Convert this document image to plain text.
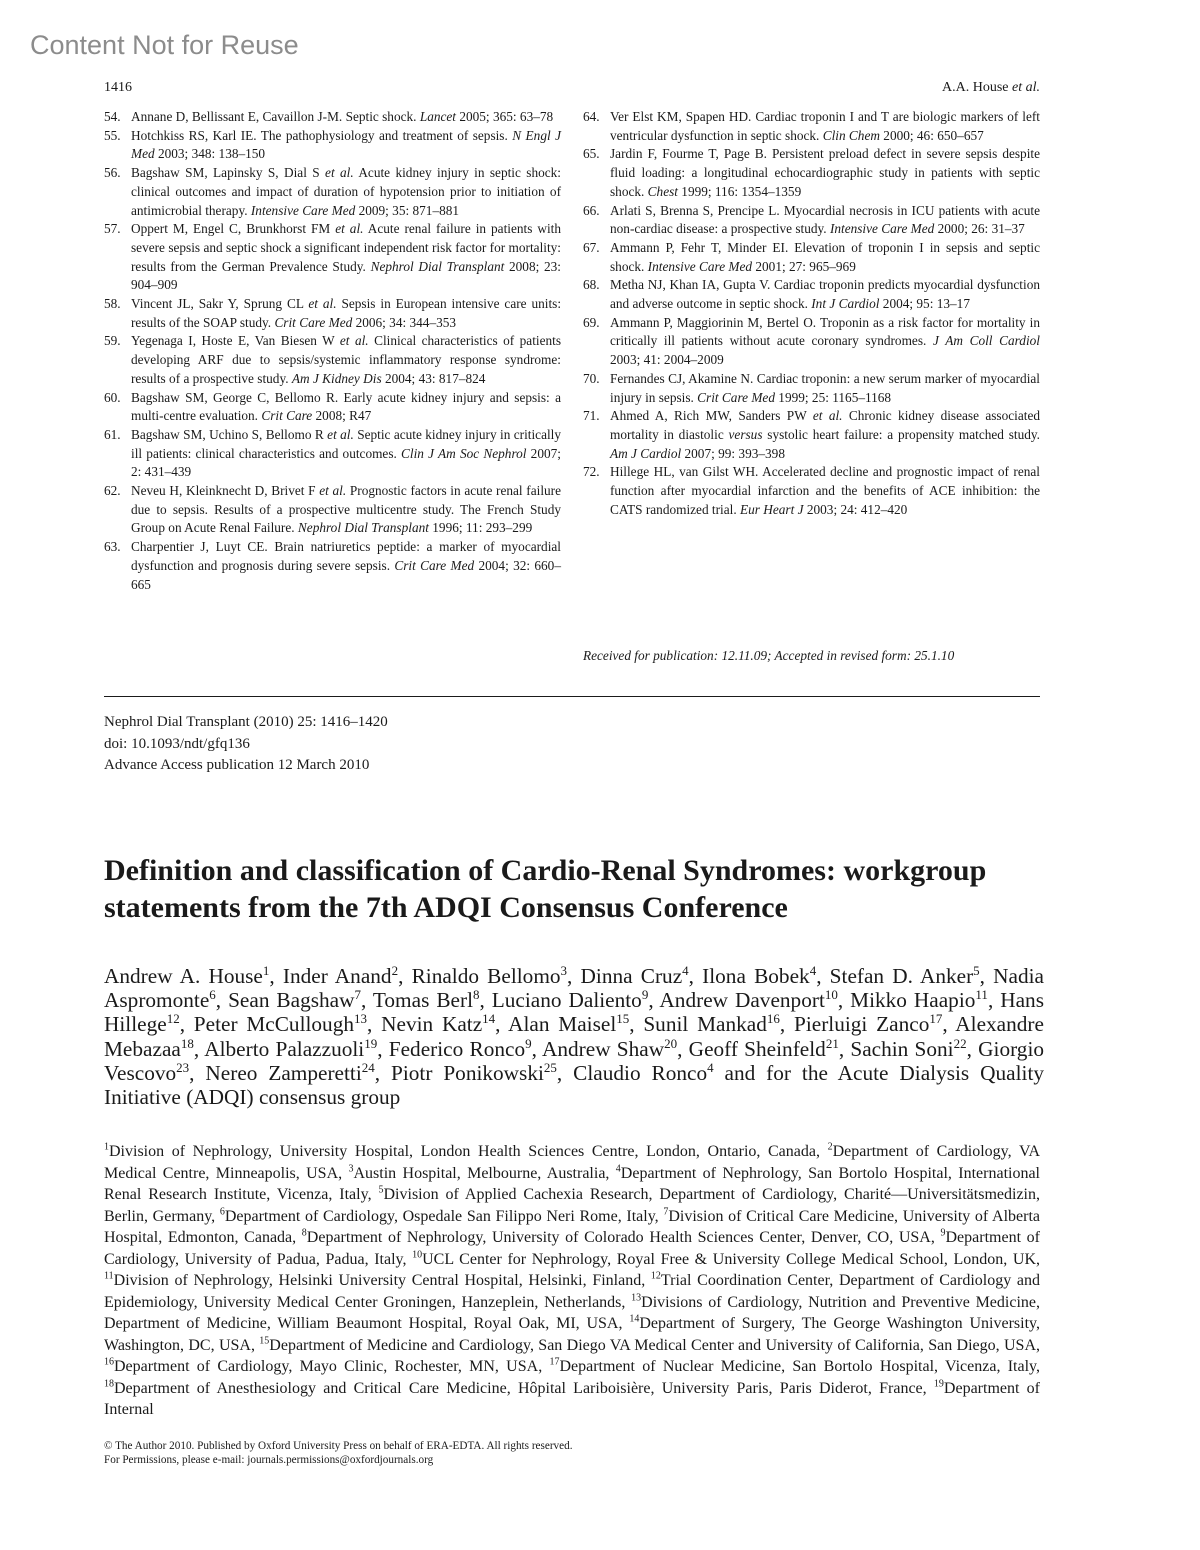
Content Not for Reuse
1416	A.A. House et al.

54. Annane D, Bellissant E, Cavaillon J-M. Septic shock. Lancet 2005; 365: 63–78

55. Hotchkiss RS, Karl IE. The pathophysiology and treatment of sepsis. N Engl J Med 2003; 348: 138–150

56. Bagshaw SM, Lapinsky S, Dial S et al. Acute kidney injury in septic shock: clinical outcomes and impact of duration of hypotension prior to initiation of antimicrobial therapy. Intensive Care Med 2009; 35: 871–881

57. Oppert M, Engel C, Brunkhorst FM et al. Acute renal failure in patients with severe sepsis and septic shock a significant independent risk factor for mortality: results from the German Prevalence Study. Nephrol Dial Transplant 2008; 23: 904–909

58. Vincent JL, Sakr Y, Sprung CL et al. Sepsis in European intensive care units: results of the SOAP study. Crit Care Med 2006; 34: 344–353

59. Yegenaga I, Hoste E, Van Biesen W et al. Clinical characteristics of patients developing ARF due to sepsis/systemic inflammatory response syndrome: results of a prospective study. Am J Kidney Dis 2004; 43: 817–824

60. Bagshaw SM, George C, Bellomo R. Early acute kidney injury and sepsis: a multi-centre evaluation. Crit Care 2008; R47

61. Bagshaw SM, Uchino S, Bellomo R et al. Septic acute kidney injury in critically ill patients: clinical characteristics and outcomes. Clin J Am Soc Nephrol 2007; 2: 431–439

62. Neveu H, Kleinknecht D, Brivet F et al. Prognostic factors in acute renal failure due to sepsis. Results of a prospective multicentre study. The French Study Group on Acute Renal Failure. Nephrol Dial Transplant 1996; 11: 293–299

63. Charpentier J, Luyt CE. Brain natriuretics peptide: a marker of myocardial dysfunction and prognosis during severe sepsis. Crit Care Med 2004; 32: 660–665

64. Ver Elst KM, Spapen HD. Cardiac troponin I and T are biologic markers of left ventricular dysfunction in septic shock. Clin Chem 2000; 46: 650–657

65. Jardin F, Fourme T, Page B. Persistent preload defect in severe sepsis despite fluid loading: a longitudinal echocardiographic study in patients with septic shock. Chest 1999; 116: 1354–1359

66. Arlati S, Brenna S, Prencipe L. Myocardial necrosis in ICU patients with acute non-cardiac disease: a prospective study. Intensive Care Med 2000; 26: 31–37

67. Ammann P, Fehr T, Minder EI. Elevation of troponin I in sepsis and septic shock. Intensive Care Med 2001; 27: 965–969

68. Metha NJ, Khan IA, Gupta V. Cardiac troponin predicts myocardial dysfunction and adverse outcome in septic shock. Int J Cardiol 2004; 95: 13–17

69. Ammann P, Maggiorinin M, Bertel O. Troponin as a risk factor for mortality in critically ill patients without acute coronary syndromes. J Am Coll Cardiol 2003; 41: 2004–2009

70. Fernandes CJ, Akamine N. Cardiac troponin: a new serum marker of myocardial injury in sepsis. Crit Care Med 1999; 25: 1165–1168

71. Ahmed A, Rich MW, Sanders PW et al. Chronic kidney disease associated mortality in diastolic versus systolic heart failure: a propensity matched study. Am J Cardiol 2007; 99: 393–398

72. Hillege HL, van Gilst WH. Accelerated decline and prognostic impact of renal function after myocardial infarction and the benefits of ACE inhibition: the CATS randomized trial. Eur Heart J 2003; 24: 412–420

Received for publication: 12.11.09; Accepted in revised form: 25.1.10
Nephrol Dial Transplant (2010) 25: 1416–1420
doi: 10.1093/ndt/gfq136
Advance Access publication 12 March 2010
Definition and classification of Cardio-Renal Syndromes: workgroup statements from the 7th ADQI Consensus Conference
Andrew A. House$^1$, Inder Anand$^2$, Rinaldo Bellomo$^3$, Dinna Cruz$^4$, Ilona Bobek$^4$, Stefan D. Anker$^5$, Nadia Aspromonte$^6$, Sean Bagshaw$^7$, Tomas Berl$^8$, Luciano Daliento$^9$, Andrew Davenport$^{10}$, Mikko Haapio$^{11}$, Hans Hillege$^{12}$, Peter McCullough$^{13}$, Nevin Katz$^{14}$, Alan Maisel$^{15}$, Sunil Mankad$^{16}$, Pierluigi Zanco$^{17}$, Alexandre Mebazaa$^{18}$, Alberto Palazzuoli$^{19}$, Federico Ronco$^9$, Andrew Shaw$^{20}$, Geoff Sheinfeld$^{21}$, Sachin Soni$^{22}$, Giorgio Vescovo$^{23}$, Nereo Zamperetti$^{24}$, Piotr Ponikowski$^{25}$, Claudio Ronco$^4$ and for the Acute Dialysis Quality Initiative (ADQI) consensus group
$^1$Division of Nephrology, University Hospital, London Health Sciences Centre, London, Ontario, Canada, $^2$Department of Cardiology, VA Medical Centre, Minneapolis, USA, $^3$Austin Hospital, Melbourne, Australia, $^4$Department of Nephrology, San Bortolo Hospital, International Renal Research Institute, Vicenza, Italy, $^5$Division of Applied Cachexia Research, Department of Cardiology, Charité—Universitätsmedizin, Berlin, Germany, $^6$Department of Cardiology, Ospedale San Filippo Neri Rome, Italy, $^7$Division of Critical Care Medicine, University of Alberta Hospital, Edmonton, Canada, $^8$Department of Nephrology, University of Colorado Health Sciences Center, Denver, CO, USA, $^9$Department of Cardiology, University of Padua, Padua, Italy, $^{10}$UCL Center for Nephrology, Royal Free & University College Medical School, London, UK, $^{11}$Division of Nephrology, Helsinki University Central Hospital, Helsinki, Finland, $^{12}$Trial Coordination Center, Department of Cardiology and Epidemiology, University Medical Center Groningen, Hanzeplein, Netherlands, $^{13}$Divisions of Cardiology, Nutrition and Preventive Medicine, Department of Medicine, William Beaumont Hospital, Royal Oak, MI, USA, $^{14}$Department of Surgery, The George Washington University, Washington, DC, USA, $^{15}$Department of Medicine and Cardiology, San Diego VA Medical Center and University of California, San Diego, USA, $^{16}$Department of Cardiology, Mayo Clinic, Rochester, MN, USA, $^{17}$Department of Nuclear Medicine, San Bortolo Hospital, Vicenza, Italy, $^{18}$Department of Anesthesiology and Critical Care Medicine, Hôpital Lariboisière, University Paris, Paris Diderot, France, $^{19}$Department of Internal
© The Author 2010. Published by Oxford University Press on behalf of ERA-EDTA. All rights reserved.
For Permissions, please e-mail: journals.permissions@oxfordjournals.org
